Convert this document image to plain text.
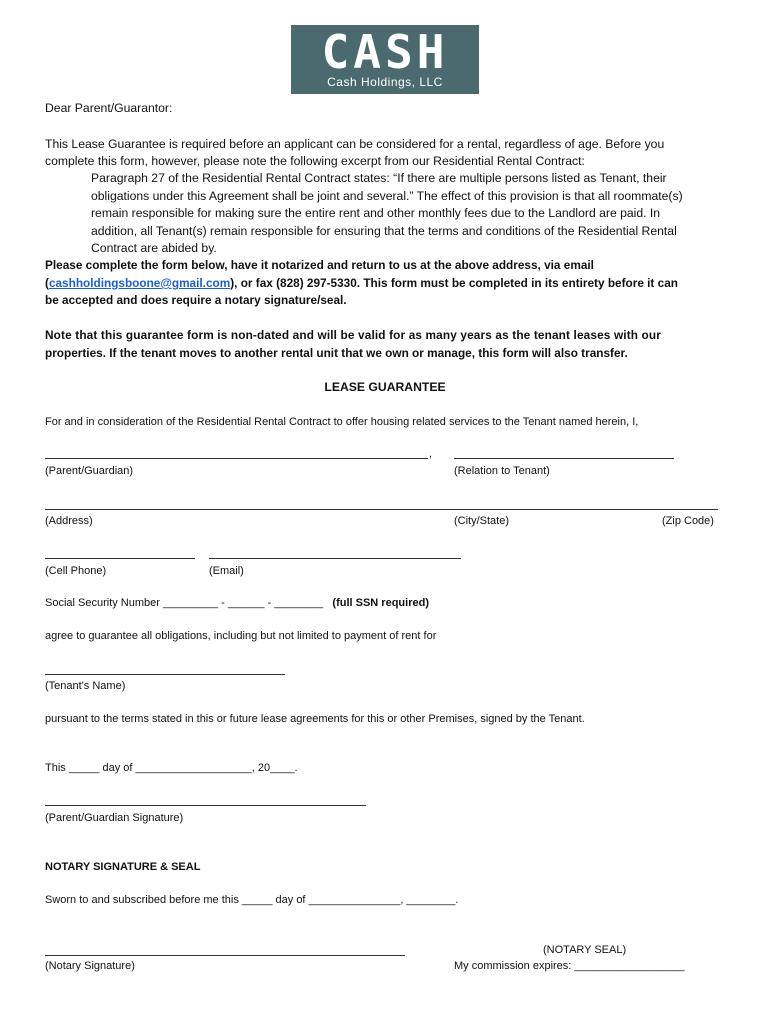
CASH
Cash Holdings, LLC
Dear Parent/Guarantor:
This Lease Guarantee is required before an applicant can be considered for a rental, regardless of age. Before you
complete this form, however, please note the following excerpt from our Residential Rental Contract:
Paragraph 27 of the Residential Rental Contract states: “If there are multiple persons listed as Tenant, their
obligations under this Agreement shall be joint and several.” The effect of this provision is that all roommate(s)
remain responsible for making sure the entire rent and other monthly fees due to the Landlord are paid. In
addition, all Tenant(s) remain responsible for ensuring that the terms and conditions of the Residential Rental
Contract are abided by.
Please complete the form below, have it notarized and return to us at the above address, via email
(cashholdingsboone@gmail.com), or fax (828) 297-5330. This form must be completed in its entirety before it can
be accepted and does require a notary signature/seal.
Note that this guarantee form is non-dated and will be valid for as many years as the tenant leases with our
properties. If the tenant moves to another rental unit that we own or manage, this form will also transfer.
LEASE GUARANTEE
For and in consideration of the Residential Rental Contract to offer housing related services to the Tenant named herein, I,
,
(Parent/Guardian)	(Relation to Tenant)
(Address)	(City/State)	(Zip Code)
(Cell Phone)	(Email)
Social Security Number _________ - ______ - ________ (full SSN required)
agree to guarantee all obligations, including but not limited to payment of rent for
(Tenant's Name)
pursuant to the terms stated in this or future lease agreements for this or other Premises, signed by the Tenant.
This _____ day of ___________________, 20____.
(Parent/Guardian Signature)
NOTARY SIGNATURE & SEAL
Sworn to and subscribed before me this _____ day of _______________, ________.
(NOTARY SEAL)
(Notary Signature)	My commission expires: __________________
